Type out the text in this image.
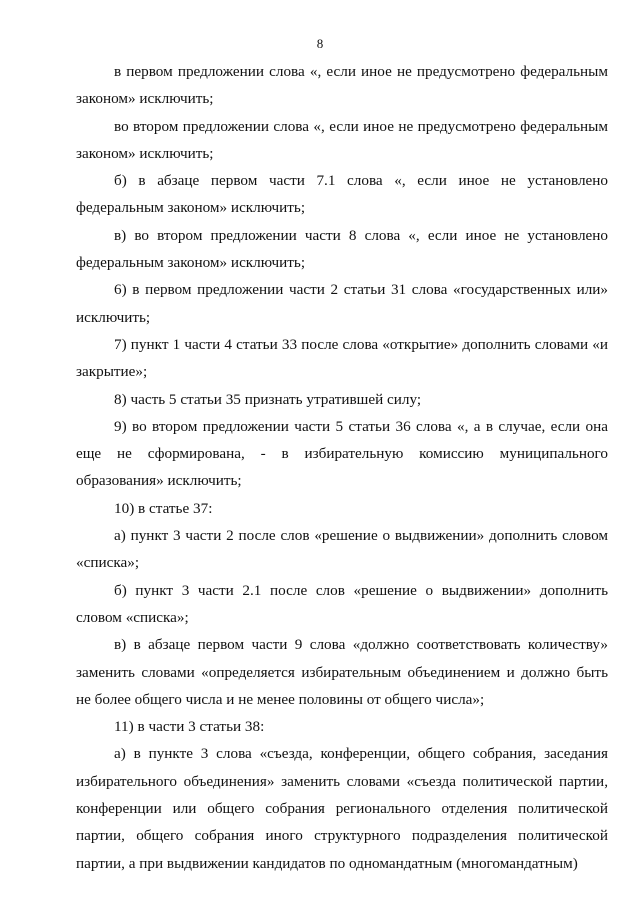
8

в первом предложении слова «, если иное не предусмотрено федеральным законом» исключить;

во втором предложении слова «, если иное не предусмотрено федеральным законом» исключить;

б) в абзаце первом части 7.1 слова «, если иное не установлено федеральным законом» исключить;

в) во втором предложении части 8 слова «, если иное не установлено федеральным законом» исключить;

6) в первом предложении части 2 статьи 31 слова «государственных или» исключить;

7) пункт 1 части 4 статьи 33 после слова «открытие» дополнить словами «и закрытие»;

8) часть 5 статьи 35 признать утратившей силу;

9) во втором предложении части 5 статьи 36 слова «, а в случае, если она еще не сформирована, - в избирательную комиссию муниципального образования» исключить;

10) в статье 37:

а) пункт 3 части 2 после слов «решение о выдвижении» дополнить словом «списка»;

б) пункт 3 части 2.1 после слов «решение о выдвижении» дополнить словом «списка»;

в) в абзаце первом части 9 слова «должно соответствовать количеству» заменить словами «определяется избирательным объединением и должно быть не более общего числа и не менее половины от общего числа»;

11) в части 3 статьи 38:

а) в пункте 3 слова «съезда, конференции, общего собрания, заседания избирательного объединения» заменить словами «съезда политической партии, конференции или общего собрания регионального отделения политической партии, общего собрания иного структурного подразделения политической партии, а при выдвижении кандидатов по одномандатным (многомандатным)
